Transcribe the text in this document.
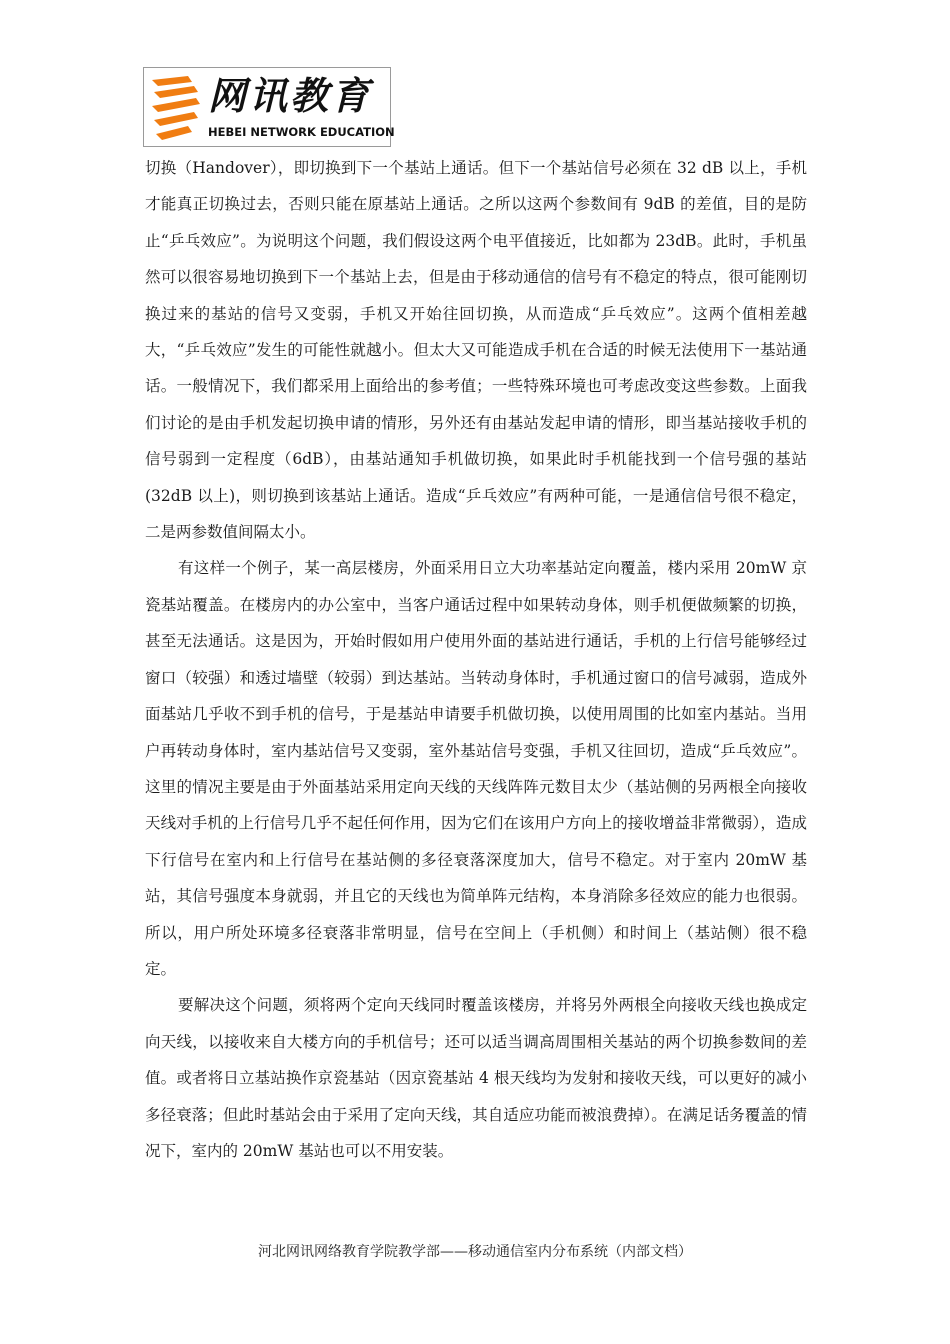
网讯教育
HEBEI NETWORK EDUCATION

切换（Handover），即切换到下一个基站上通话。但下一个基站信号必须在 32 dB 以上，手机才能真正切换过去，否则只能在原基站上通话。之所以这两个参数间有 9dB 的差值，目的是防止“乒乓效应”。为说明这个问题，我们假设这两个电平值接近，比如都为 23dB。此时，手机虽然可以很容易地切换到下一个基站上去，但是由于移动通信的信号有不稳定的特点，很可能刚切换过来的基站的信号又变弱，手机又开始往回切换，从而造成“乒乓效应”。这两个值相差越大，“乒乓效应”发生的可能性就越小。但太大又可能造成手机在合适的时候无法使用下一基站通话。一般情况下，我们都采用上面给出的参考值；一些特殊环境也可考虑改变这些参数。上面我们讨论的是由手机发起切换申请的情形，另外还有由基站发起申请的情形，即当基站接收手机的信号弱到一定程度（6dB），由基站通知手机做切换，如果此时手机能找到一个信号强的基站(32dB 以上)，则切换到该基站上通话。造成“乒乓效应”有两种可能，一是通信信号很不稳定，二是两参数值间隔太小。

有这样一个例子，某一高层楼房，外面采用日立大功率基站定向覆盖，楼内采用 20mW 京瓷基站覆盖。在楼房内的办公室中，当客户通话过程中如果转动身体，则手机便做频繁的切换，甚至无法通话。这是因为，开始时假如用户使用外面的基站进行通话，手机的上行信号能够经过窗口（较强）和透过墙壁（较弱）到达基站。当转动身体时，手机通过窗口的信号减弱，造成外面基站几乎收不到手机的信号，于是基站申请要手机做切换，以使用周围的比如室内基站。当用户再转动身体时，室内基站信号又变弱，室外基站信号变强，手机又往回切，造成“乒乓效应”。这里的情况主要是由于外面基站采用定向天线的天线阵阵元数目太少（基站侧的另两根全向接收天线对手机的上行信号几乎不起任何作用，因为它们在该用户方向上的接收增益非常微弱），造成下行信号在室内和上行信号在基站侧的多径衰落深度加大，信号不稳定。对于室内 20mW 基站，其信号强度本身就弱，并且它的天线也为简单阵元结构，本身消除多径效应的能力也很弱。所以，用户所处环境多径衰落非常明显，信号在空间上（手机侧）和时间上（基站侧）很不稳定。

要解决这个问题，须将两个定向天线同时覆盖该楼房，并将另外两根全向接收天线也换成定向天线，以接收来自大楼方向的手机信号；还可以适当调高周围相关基站的两个切换参数间的差值。或者将日立基站换作京瓷基站（因京瓷基站 4 根天线均为发射和接收天线，可以更好的减小多径衰落；但此时基站会由于采用了定向天线，其自适应功能而被浪费掉）。在满足话务覆盖的情况下，室内的 20mW 基站也可以不用安装。

河北网讯网络教育学院教学部——移动通信室内分布系统（内部文档）
